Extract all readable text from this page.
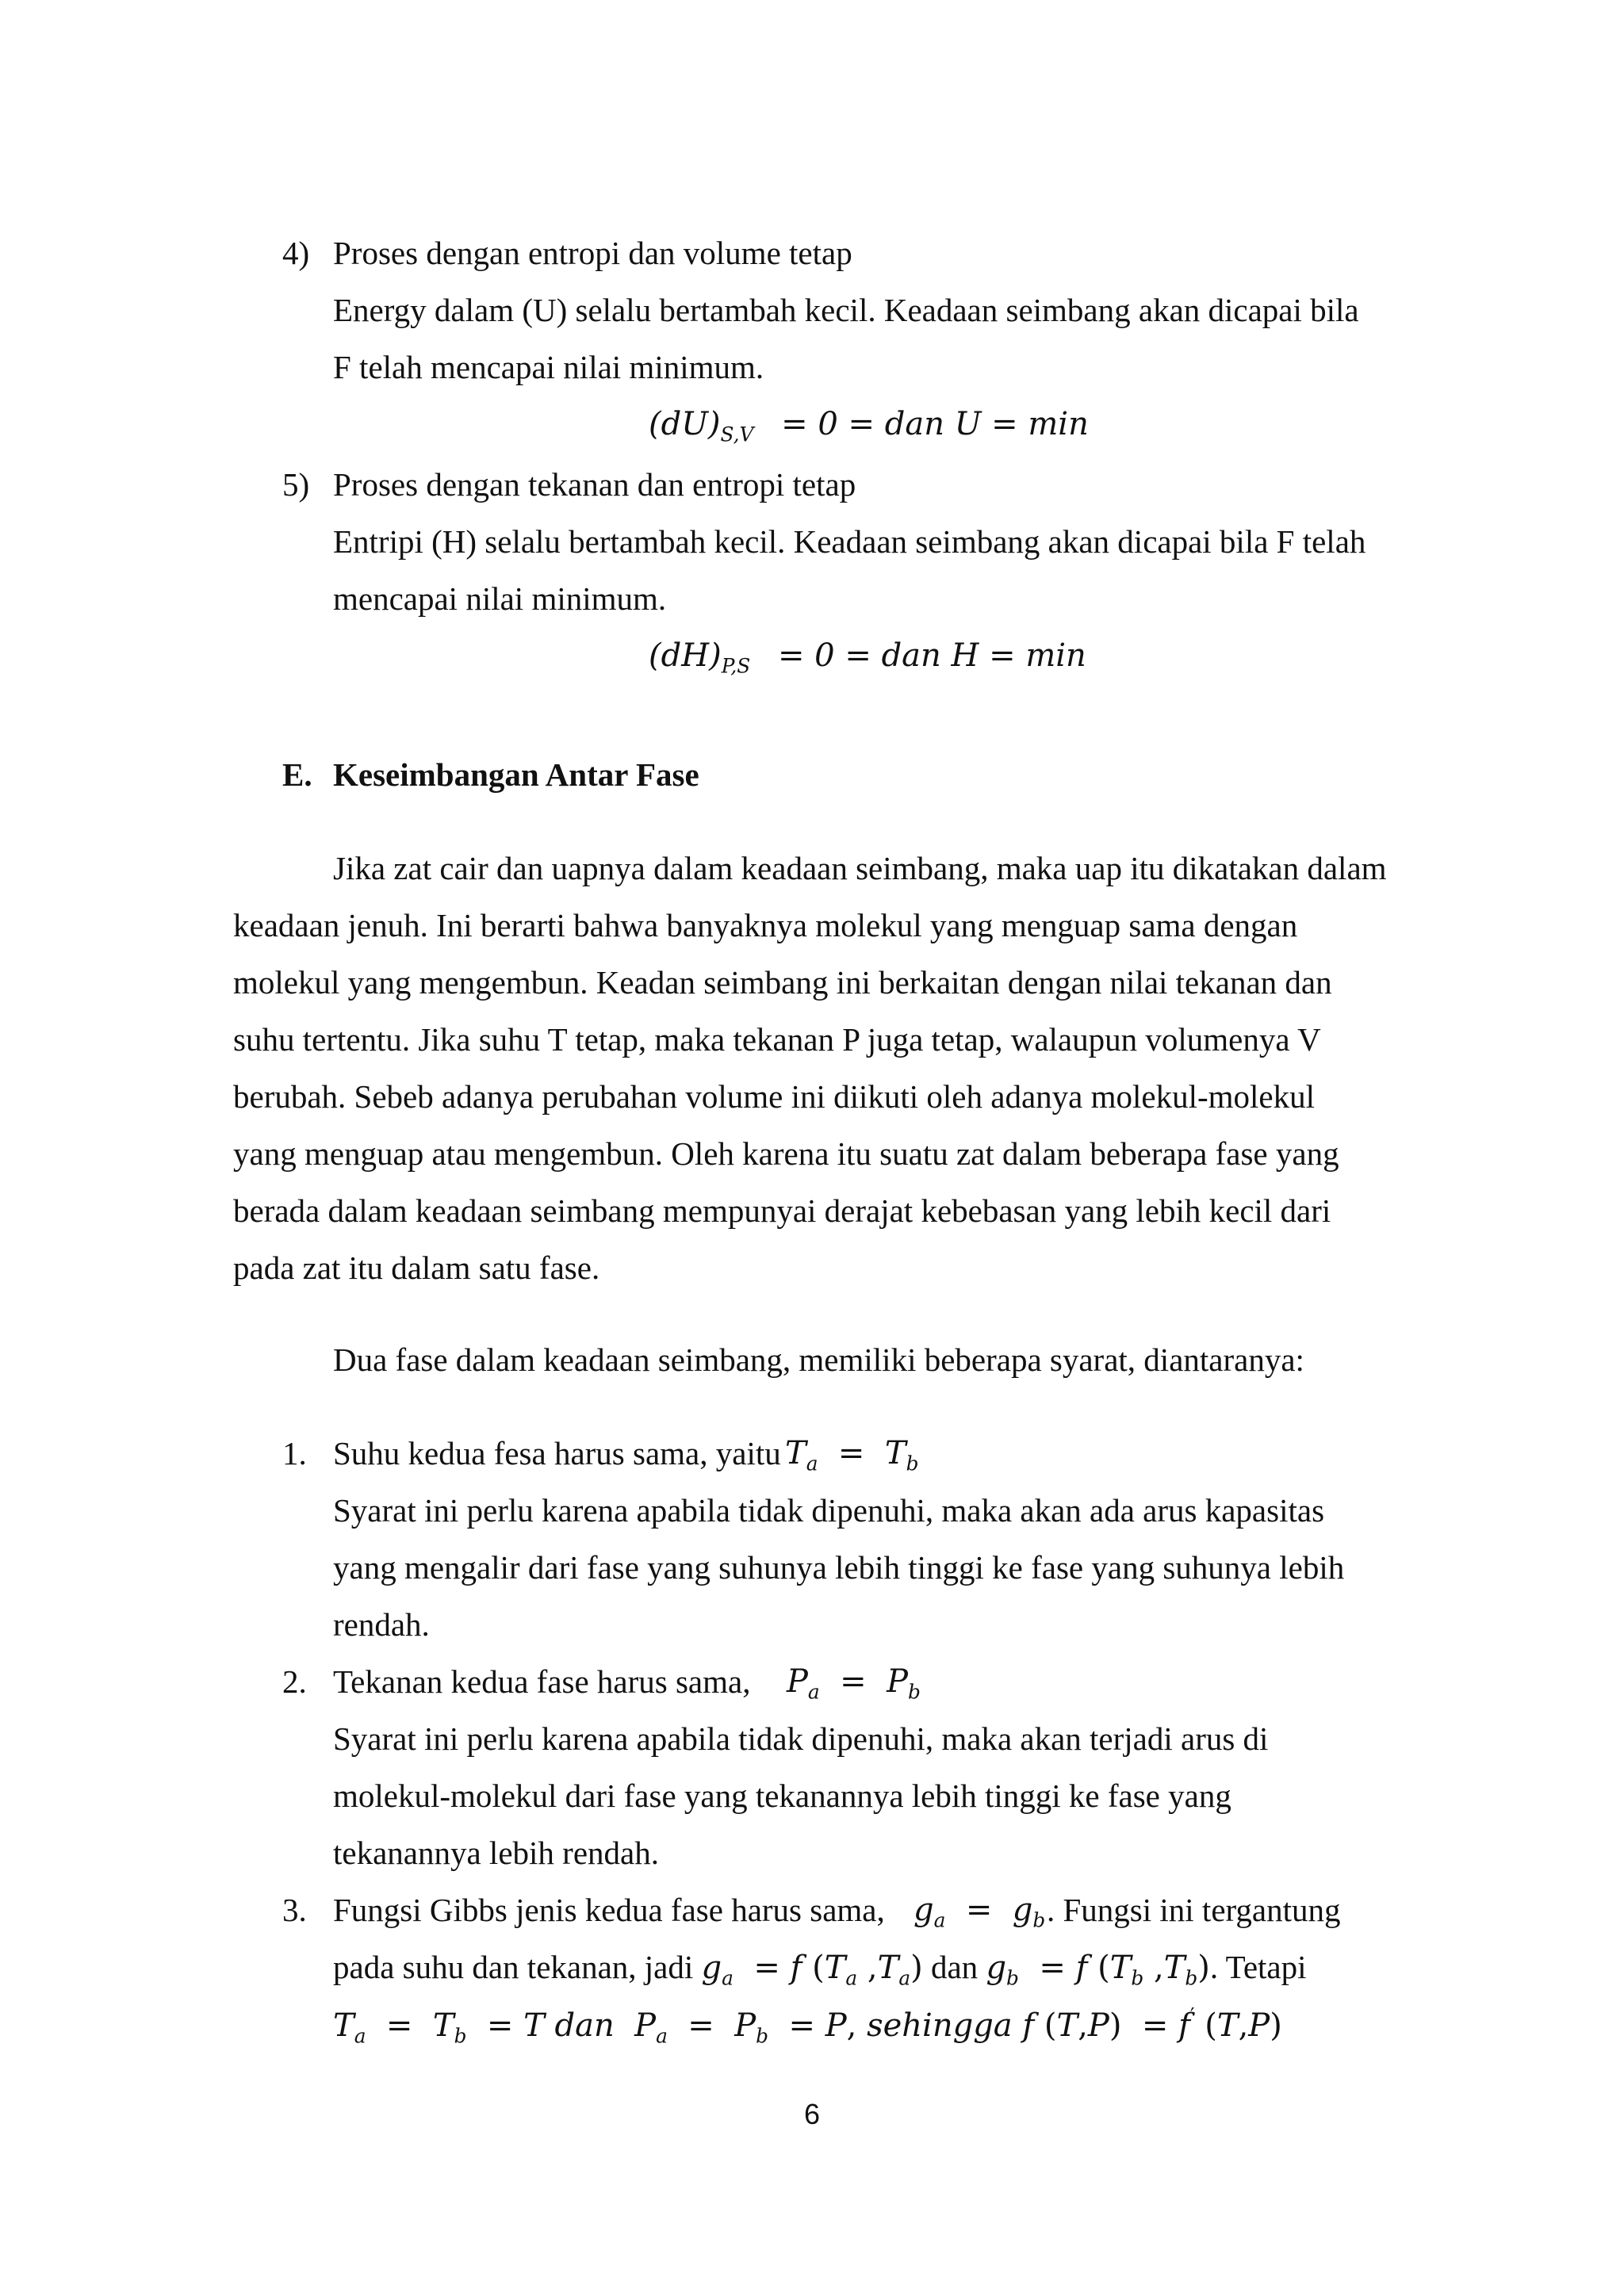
4) Proses dengan entropi dan volume tetap
Energy dalam (U) selalu bertambah kecil. Keadaan seimbang akan dicapai bila
F telah mencapai nilai minimum.
$(dU)_{S,V} = 0$ = dan U = min
5) Proses dengan tekanan dan entropi tetap
Entripi (H) selalu bertambah kecil. Keadaan seimbang akan dicapai bila F telah
mencapai nilai minimum.
$(dH)_{P,S} = 0$ = dan H = min
E. Keseimbangan Antar Fase
Jika zat cair dan uapnya dalam keadaan seimbang, maka uap itu dikatakan dalam
keadaan jenuh. Ini berarti bahwa banyaknya molekul yang menguap sama dengan
molekul yang mengembun. Keadan seimbang ini berkaitan dengan nilai tekanan dan
suhu tertentu. Jika suhu T tetap, maka tekanan P juga tetap, walaupun volumenya V
berubah. Sebeb adanya perubahan volume ini diikuti oleh adanya molekul-molekul
yang menguap atau mengembun. Oleh karena itu suatu zat dalam beberapa fase yang
berada dalam keadaan seimbang mempunyai derajat kebebasan yang lebih kecil dari
pada zat itu dalam satu fase.
Dua fase dalam keadaan seimbang, memiliki beberapa syarat, diantaranya:
1. Suhu kedua fesa harus sama, yaitu $T_a = T_b$
Syarat ini perlu karena apabila tidak dipenuhi, maka akan ada arus kapasitas
yang mengalir dari fase yang suhunya lebih tinggi ke fase yang suhunya lebih
rendah.
2. Tekanan kedua fase harus sama, $P_a = P_b$
Syarat ini perlu karena apabila tidak dipenuhi, maka akan terjadi arus di
molekul-molekul dari fase yang tekanannya lebih tinggi ke fase yang
tekanannya lebih rendah.
3. Fungsi Gibbs jenis kedua fase harus sama, $g_a = g_b$ . Fungsi ini tergantung
pada suhu dan tekanan, jadi $g_a = f$ ($T_a$ $,T_a$) dan $g_b = f$ ($T_b$ $,T_b$). Tetapi
$T_a = T_b = T$ dan  $P_a = P_b = P$, sehingga f (T,P)  = f′ (T,P)
6
